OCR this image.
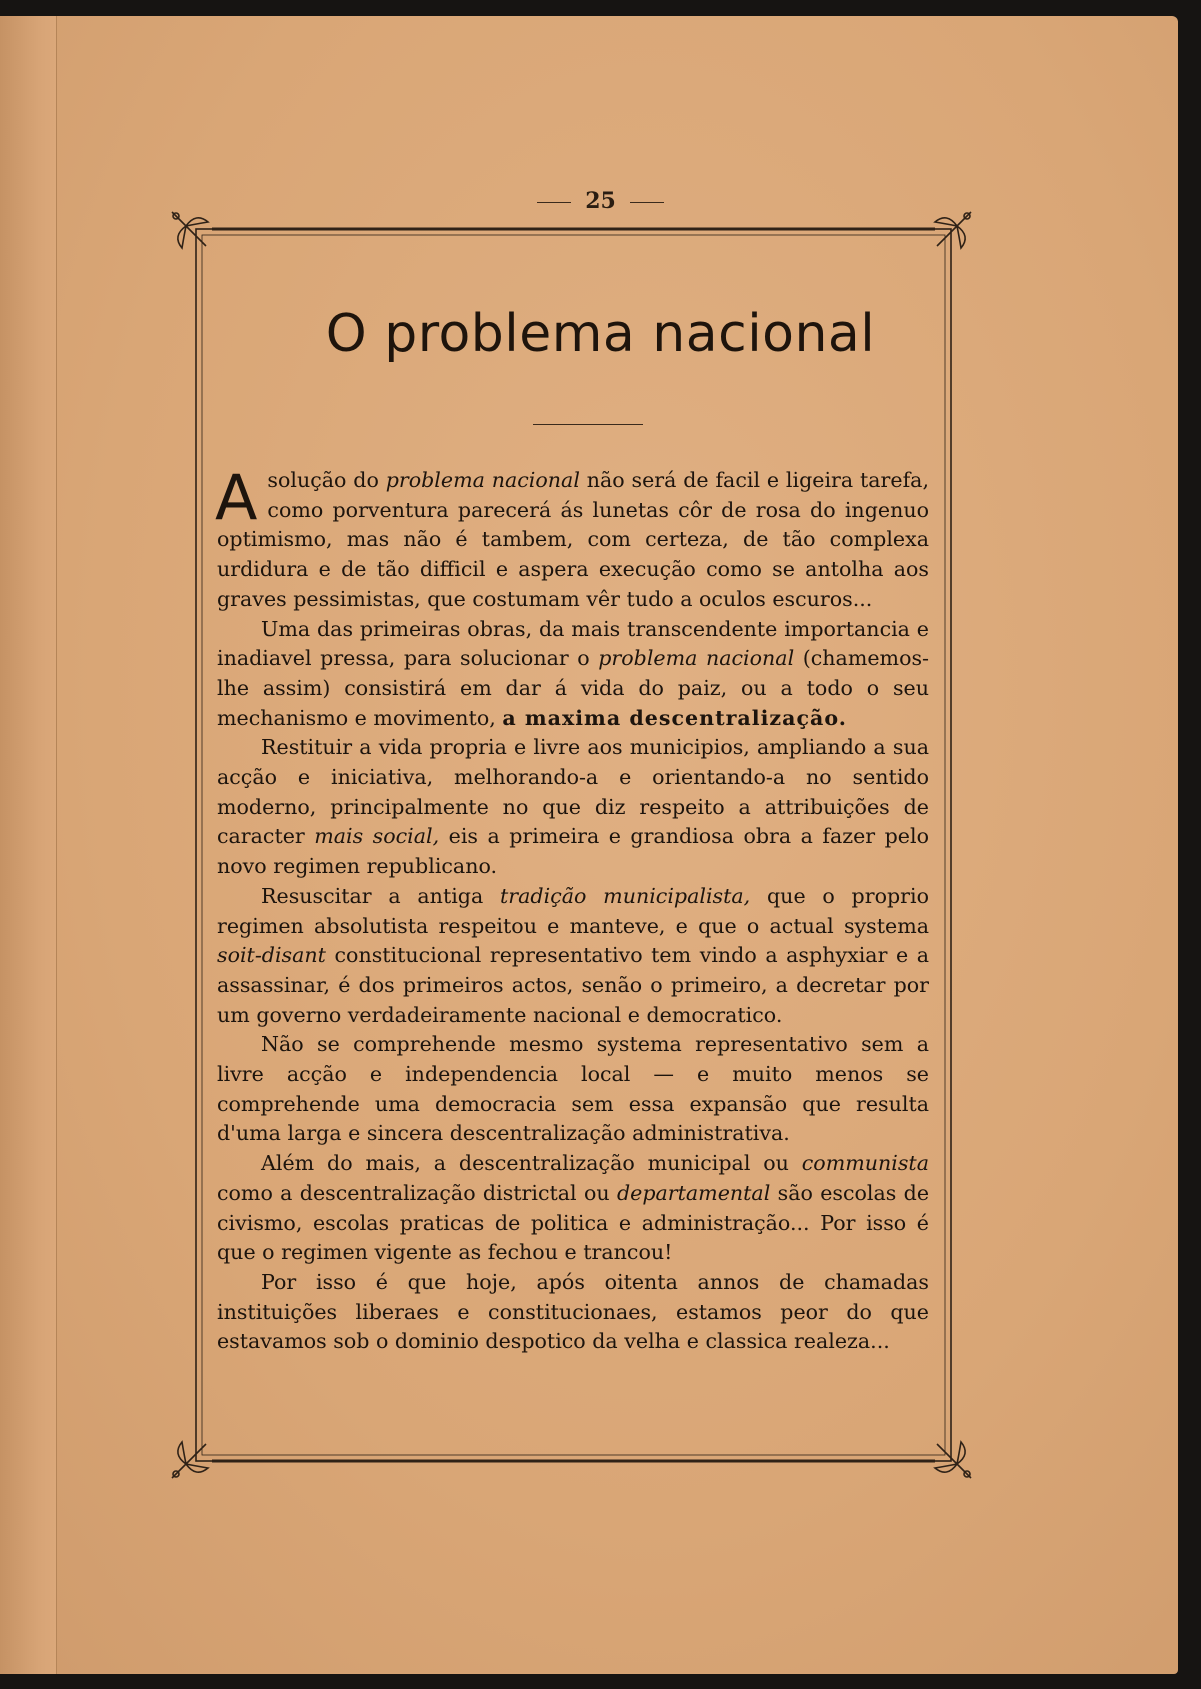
25
O problema nacional

A solução do problema nacional não será de facil e ligeira tarefa, como porventura parecerá ás lunetas côr de rosa do ingenuo optimismo, mas não é tambem, com certeza, de tão complexa urdidura e de tão difficil e aspera execução como se antolha aos graves pessimistas, que costumam vêr tudo a oculos escuros...

Uma das primeiras obras, da mais transcendente importancia e inadiavel pressa, para solucionar o problema nacional (chamemos-lhe assim) consistirá em dar á vida do paiz, ou a todo o seu mechanismo e movimento, a maxima descentralização.

Restituir a vida propria e livre aos municipios, ampliando a sua acção e iniciativa, melhorando-a e orientando-a no sentido moderno, principalmente no que diz respeito a attribuições de caracter mais social, eis a primeira e grandiosa obra a fazer pelo novo regimen republicano.

Resuscitar a antiga tradição municipalista, que o proprio regimen absolutista respeitou e manteve, e que o actual systema soit-disant constitucional representativo tem vindo a asphyxiar e a assassinar, é dos primeiros actos, senão o primeiro, a decretar por um governo verdadeiramente nacional e democratico.

Não se comprehende mesmo systema representativo sem a livre acção e independencia local — e muito menos se comprehende uma democracia sem essa expansão que resulta d'uma larga e sincera descentralização administrativa.

Além do mais, a descentralização municipal ou communista como a descentralização districtal ou departamental são escolas de civismo, escolas praticas de politica e administração... Por isso é que o regimen vigente as fechou e trancou!

Por isso é que hoje, após oitenta annos de chamadas instituições liberaes e constitucionaes, estamos peor do que estavamos sob o dominio despotico da velha e classica realeza...
